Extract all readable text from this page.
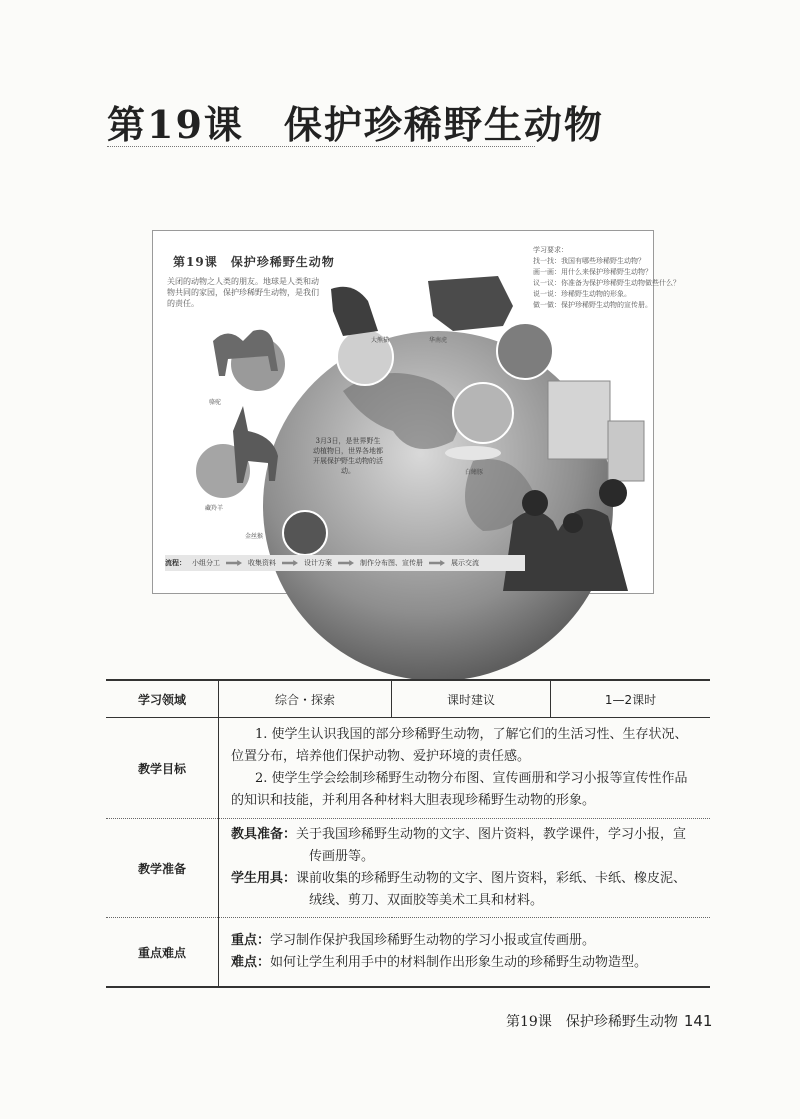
第19课 保护珍稀野生动物
第19课　保护珍稀野生动物
关闭的动物之人类的朋友。地球是人类和动物共同的家园，保护珍稀野生动物，是我们的责任。
学习要求：
找一找：我国有哪些珍稀野生动物？
画一画：用什么来保护珍稀野生动物？
议一议：你准备为保护珍稀野生动物做些什么？
说一说：珍稀野生动物的形象。
做一做：保护珍稀野生动物的宣传册。
3月3日，是世界野生动植物日，世界各地都开展保护野生动物的活动。
骆驼
大熊猫
藏羚羊
华南虎
金丝猴
白鳍豚
流程： 小组分工	收集资料	设计方案	制作分布图、宣传册	展示交流
学习领域	综合・探索	课时建议	1—2课时
教学目标	1. 使学生认识我国的部分珍稀野生动物，了解它们的生活习性、生存状况、位置分布，培养他们保护动物、爱护环境的责任感。
2. 使学生学会绘制珍稀野生动物分布图、宣传画册和学习小报等宣传性作品的知识和技能，并利用各种材料大胆表现珍稀野生动物的形象。		

教学准备	教具准备：关于我国珍稀野生动物的文字、图片资料，教学课件，学习小报，宣传画册等。
学生用具：课前收集的珍稀野生动物的文字、图片资料，彩纸、卡纸、橡皮泥、绒线、剪刀、双面胶等美术工具和材料。		

重点难点	重点：学习制作保护我国珍稀野生动物的学习小报或宣传画册。
难点：如何让学生利用手中的材料制作出形象生动的珍稀野生动物造型。		
第19课　保护珍稀野生动物 141
